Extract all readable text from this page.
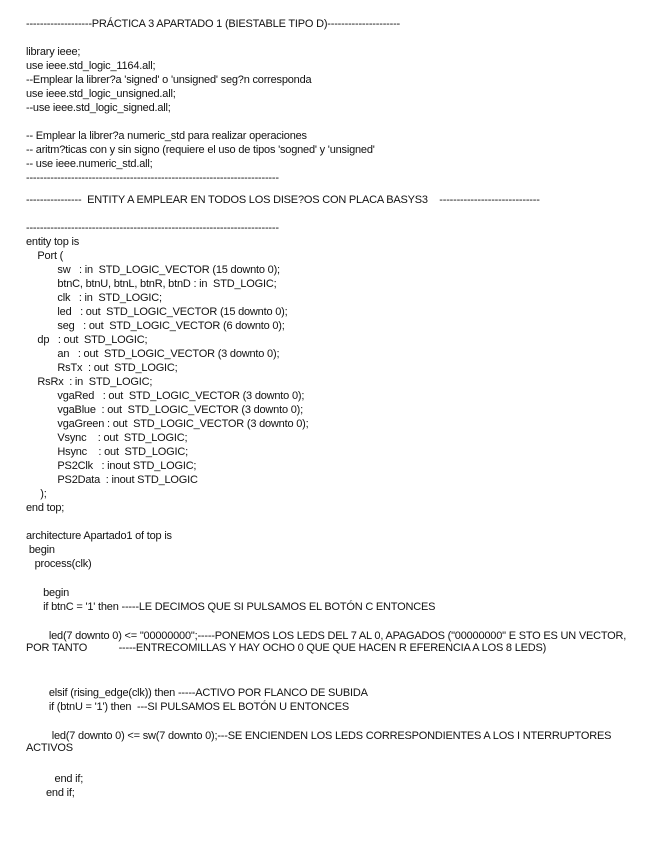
-------------------PRÁCTICA 3 APARTADO 1 (BIESTABLE TIPO D)---------------------
library ieee;
use ieee.std_logic_1164.all;
--Emplear la librer?a 'signed' o 'unsigned' seg?n corresponda
use ieee.std_logic_unsigned.all;
--use ieee.std_logic_signed.all;
-- Emplear la librer?a numeric_std para realizar operaciones
-- aritm?ticas con y sin signo (requiere el uso de tipos 'sogned' y 'unsigned'
-- use ieee.numeric_std.all;
-------------------------------------------------------------------------
----------------  ENTITY A EMPLEAR EN TODOS LOS DISE?OS CON PLACA BASYS3    -----------------------------
-------------------------------------------------------------------------
entity top is
Port (
sw   : in  STD_LOGIC_VECTOR (15 downto 0);
btnC, btnU, btnL, btnR, btnD : in  STD_LOGIC;
clk   : in  STD_LOGIC;
led   : out  STD_LOGIC_VECTOR (15 downto 0);
seg   : out  STD_LOGIC_VECTOR (6 downto 0);
dp   : out  STD_LOGIC;
an   : out  STD_LOGIC_VECTOR (3 downto 0);
RsTx  : out  STD_LOGIC;
RsRx  : in  STD_LOGIC;
vgaRed   : out  STD_LOGIC_VECTOR (3 downto 0);
vgaBlue  : out  STD_LOGIC_VECTOR (3 downto 0);
vgaGreen : out  STD_LOGIC_VECTOR (3 downto 0);
Vsync    : out  STD_LOGIC;
Hsync    : out  STD_LOGIC;
PS2Clk   : inout STD_LOGIC;
PS2Data  : inout STD_LOGIC
);
end top;
architecture Apartado1 of top is
begin
process(clk)
begin
if btnC = '1' then -----LE DECIMOS QUE SI PULSAMOS EL BOTÓN C ENTONCES
led(7 downto 0) <= "00000000";-----PONEMOS LOS LEDS DEL 7 AL 0, APAGADOS ("00000000" E STO ES UN VECTOR, POR TANTO           -----ENTRECOMILLAS Y HAY OCHO 0 QUE QUE HACEN R EFERENCIA A LOS 8 LEDS)
elsif (rising_edge(clk)) then -----ACTIVO POR FLANCO DE SUBIDA
if (btnU = '1') then  ---SI PULSAMOS EL BOTÓN U ENTONCES
led(7 downto 0) <= sw(7 downto 0);---SE ENCIENDEN LOS LEDS CORRESPONDIENTES A LOS I NTERRUPTORES ACTIVOS
end if;
end if;
